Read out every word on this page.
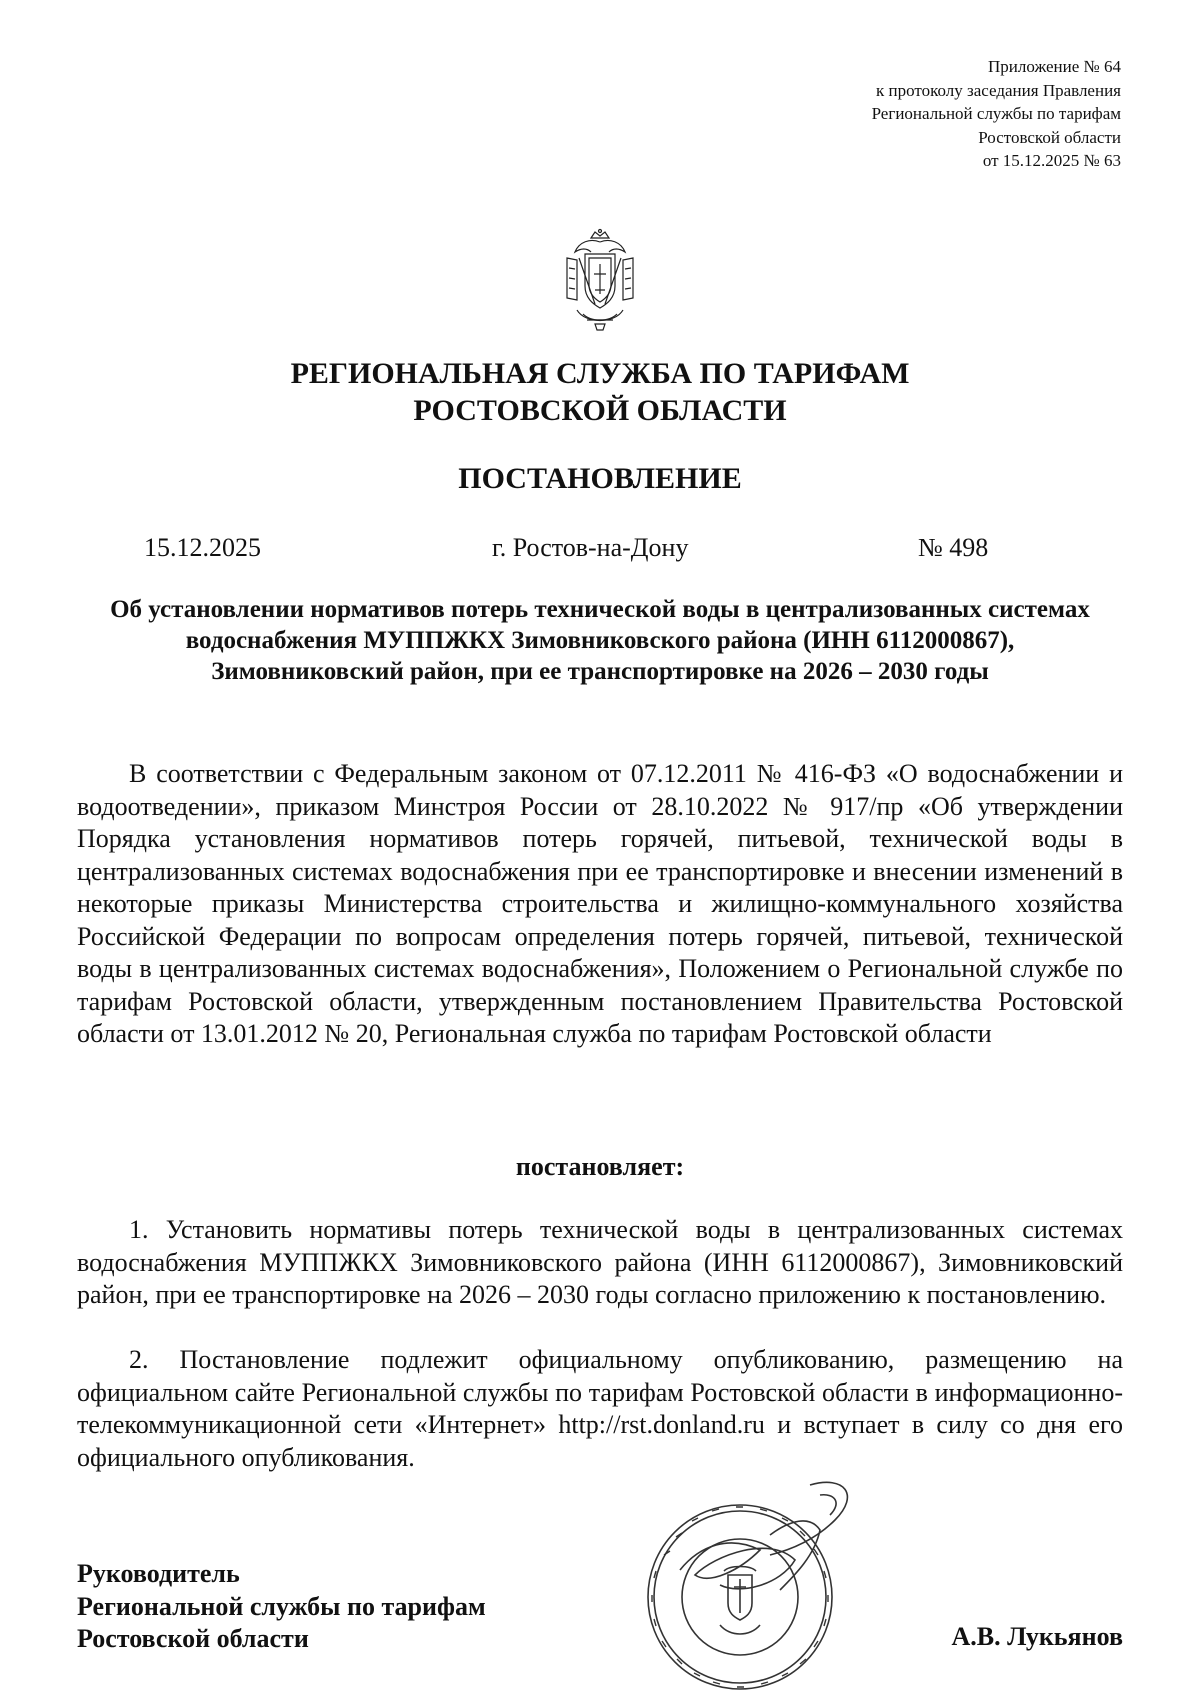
Приложение № 64
к протоколу заседания Правления
Региональной службы по тарифам
Ростовской области
от 15.12.2025 № 63
РЕГИОНАЛЬНАЯ СЛУЖБА ПО ТАРИФАМ
РОСТОВСКОЙ ОБЛАСТИ
ПОСТАНОВЛЕНИЕ
15.12.2025	г. Ростов-на-Дону	№ 498
Об установлении нормативов потерь технической воды в централизованных системах водоснабжения МУППЖКХ Зимовниковского района (ИНН 6112000867), Зимовниковский район, при ее транспортировке на 2026 – 2030 годы
В соответствии с Федеральным законом от 07.12.2011 № 416-ФЗ «О водоснабжении и водоотведении», приказом Минстроя России от 28.10.2022 № 917/пр «Об утверждении Порядка установления нормативов потерь горячей, питьевой, технической воды в централизованных системах водоснабжения при ее транспортировке и внесении изменений в некоторые приказы Министерства строительства и жилищно-коммунального хозяйства Российской Федерации по вопросам определения потерь горячей, питьевой, технической воды в централизованных системах водоснабжения», Положением о Региональной службе по тарифам Ростовской области, утвержденным постановлением Правительства Ростовской области от 13.01.2012 № 20, Региональная служба по тарифам Ростовской области
постановляет:
1. Установить нормативы потерь технической воды в централизованных системах водоснабжения МУППЖКХ Зимовниковского района (ИНН 6112000867), Зимовниковский район, при ее транспортировке на 2026 – 2030 годы согласно приложению к постановлению.
2. Постановление подлежит официальному опубликованию, размещению на официальном сайте Региональной службы по тарифам Ростовской области в информационно-телекоммуникационной сети «Интернет» http://rst.donland.ru и вступает в силу со дня его официального опубликования.
Руководитель
Региональной службы по тарифам
Ростовской области	А.В. Лукьянов
